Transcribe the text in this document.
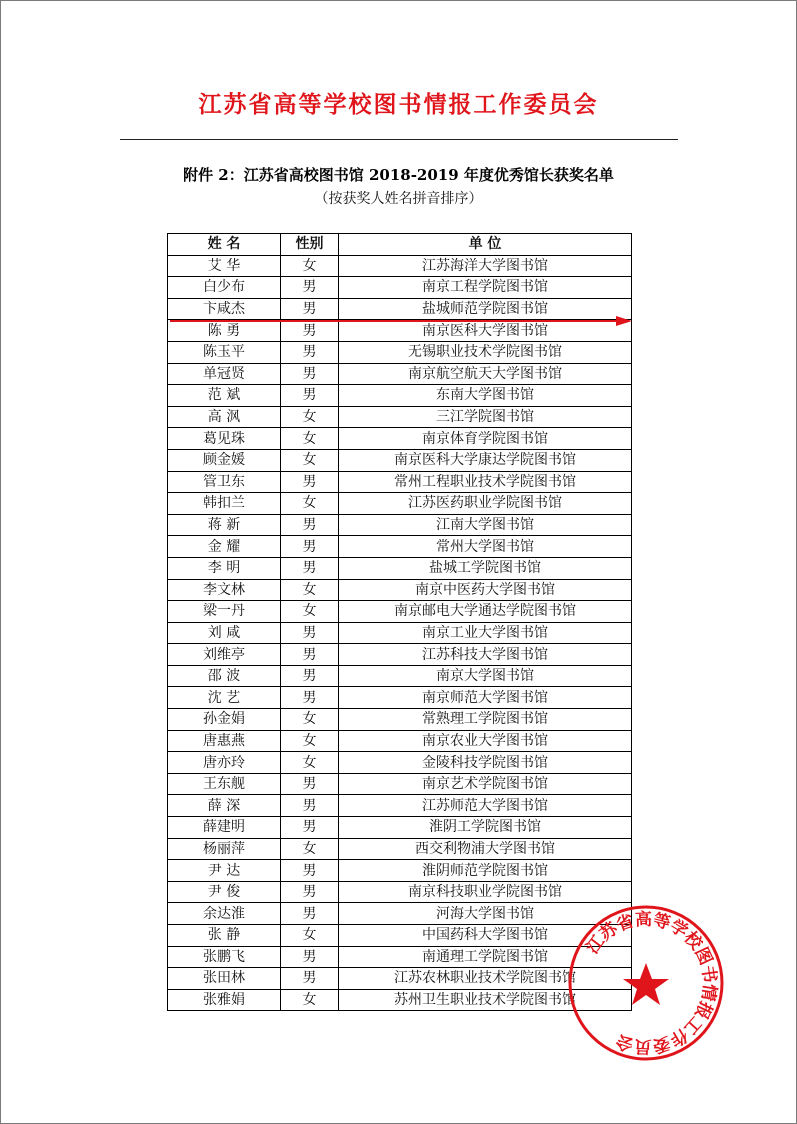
江苏省高等学校图书情报工作委员会
附件 2：江苏省高校图书馆 2018-2019 年度优秀馆长获奖名单
（按获奖人姓名拼音排序）
姓 名	性别	单 位
艾 华	女	江苏海洋大学图书馆
白少布	男	南京工程学院图书馆
卞咸杰	男	盐城师范学院图书馆
陈 勇	男	南京医科大学图书馆
陈玉平	男	无锡职业技术学院图书馆
单冠贤	男	南京航空航天大学图书馆
范 斌	男	东南大学图书馆
高 沨	女	三江学院图书馆
葛见珠	女	南京体育学院图书馆
顾金媛	女	南京医科大学康达学院图书馆
管卫东	男	常州工程职业技术学院图书馆
韩扣兰	女	江苏医药职业学院图书馆
蒋 新	男	江南大学图书馆
金 耀	男	常州大学图书馆
李 明	男	盐城工学院图书馆
李文林	女	南京中医药大学图书馆
梁一丹	女	南京邮电大学通达学院图书馆
刘 咸	男	南京工业大学图书馆
刘维亭	男	江苏科技大学图书馆
邵 波	男	南京大学图书馆
沈 艺	男	南京师范大学图书馆
孙金娟	女	常熟理工学院图书馆
唐惠燕	女	南京农业大学图书馆
唐亦玲	女	金陵科技学院图书馆
王东舰	男	南京艺术学院图书馆
薛 深	男	江苏师范大学图书馆
薛建明	男	淮阴工学院图书馆
杨丽萍	女	西交利物浦大学图书馆
尹 达	男	淮阴师范学院图书馆
尹 俊	男	南京科技职业学院图书馆
余达淮	男	河海大学图书馆
张 静	女	中国药科大学图书馆
张鹏飞	男	南通理工学院图书馆
张田林	男	江苏农林职业技术学院图书馆
张雅娟	女	苏州卫生职业技术学院图书馆
江苏省高等学校图书情报工作委员会
